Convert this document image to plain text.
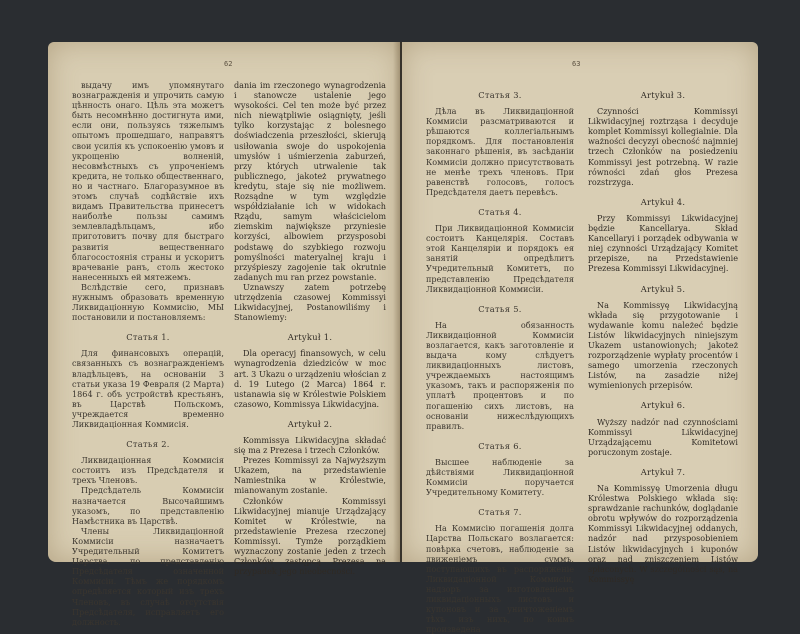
62

выдачу имъ упомянутаго вознагражденія и упрочить самую цѣнность онаго. Цѣль эта можетъ быть несомнѣнно достигнута ими, если они, пользуясь тяжелымъ опытомъ прошедшаго, направятъ свои усилія къ успокоенію умовъ и укрощенію волненій, несовмѣстныхъ съ упроченіемъ кредита, не только общественнаго, но и частнаго. Благоразумное въ этомъ случаѣ содѣйствіе ихъ видамъ Правительства принесетъ наиболѣе пользы самимъ землевладѣльцамъ, ибо приготовитъ почву для быстраго развитія вещественнаго благосостоянія страны и ускоритъ врачеваніе ранъ, столь жестоко нанесенныхъ ей мятежемъ.

Вслѣдствіе сего, признавъ нужнымъ образовать временную Ликвидаціонную Коммисію, МЫ постановили и постановляемъ:

Статья 1.

Для финансовыхъ операцій, связанныхъ съ вознагражденіемъ владѣльцевъ, на основаніи 3 статьи указа 19 Февраля (2 Марта) 1864 г. объ устройствѣ крестьянъ, въ Царствѣ Польскомъ, учреждается временно Ликвидаціонная Коммисія.

Статья 2.

Ликвидаціонная Коммисія состоитъ изъ Предсѣдателя и трехъ Членовъ.

Предсѣдатель Коммисіи назначается Высочайшимъ указомъ, по представленію Намѣстника въ Царствѣ.

Члены Ликвидаціонной Коммисіи назначаетъ Учредительный Комитетъ Царства, по представленію Предсѣдателя означенной Коммисіи. Тѣмъ же порядкомъ опредѣляется который изъ трехъ Членовъ, въ случаѣ отсутствія Предсѣдателя, исправляетъ его должность.

dania im rzeczonego wynagrodzenia i stanowcze ustalenie jego wysokości. Cel ten może być przez nich niewątpliwie osiągnięty, jeśli tylko korzystając z bolesnego doświadczenia przeszłości, skierują usiłowania swoje do uspokojenia umysłów i uśmierzenia zaburzeń, przy których utrwalenie tak publicznego, jakoteż prywatnego kredytu, staje się nie możliwem. Rozsądne w tym względzie współdziałanie ich w widokach Rządu, samym właścicielom ziemskim największe przyniesie korzyści, albowiem przysposobi podstawę do szybkiego rozwoju pomyślności materyalnej kraju i przyśpieszy zagojenie tak okrutnie zadanych mu ran przez powstanie.

Uznawszy zatem potrzebę utrzędzenia czasowej Kommissyi Likwidacyjnej, Postanowiliśmy i Stanowiemy:

Artykuł 1.

Dla operacyj finansowych, w celu wynagrodzenia dziedziców w moc art. 3 Ukazu o urządzeniu włościan z d. 19 Lutego (2 Marca) 1864 r. ustanawia się w Królestwie Polskiem czasowo, Kommissya Likwidacyjna.

Artykuł 2.

Kommissya Likwidacyjna składać się ma z Prezesa i trzech Członków.

Prezes Kommissyi za Najwyższym Ukazem, na przedstawienie Namiestnika w Królestwie, mianowanym zostanie.

Członków Kommissyi Likwidacyjnej mianuje Urządzający Komitet w Królestwie, na przedstawienie Prezesa rzeczonej Kommissyi. Tymże porządkiem wyznaczony zostanie jeden z trzech Członków zastępcą Prezesa na przypadek jego nieobecności.

63
Статья 3.

Дѣла въ Ликвидаціонной Коммисіи разсматриваются и рѣшаются коллегіальнымъ порядкомъ. Для постановленія законнаго рѣшенія, въ засѣданіи Коммисіи должно присутствовать не менѣе трехъ членовъ. При равенствѣ голосовъ, голосъ Предсѣдателя даетъ перевѣсъ.

Статья 4.

При Ликвидаціонной Коммисіи состоитъ Канцелярія. Составъ этой Канцеляріи и порядокъ ея занятій опредѣлитъ Учредительный Комитетъ, по представленію Предсѣдателя Ликвидаціонной Коммисіи.

Статья 5.

На обязанность Ликвидаціонной Коммисіи возлагается, какъ заготовленіе и выдача кому слѣдуетъ ликвидаціонныхъ листовъ, учреждаемыхъ настоящимъ указомъ, такъ и распоряженія по уплатѣ процентовъ и по погашенію сихъ листовъ, на основаніи нижеслѣдующихъ правилъ.

Статья 6.

Высшее наблюденіе за дѣйствіями Ликвидаціонной Коммисіи поручается Учредительному Комитету.

Статья 7.

На Коммисію погашенія долга Царства Польскаго возлагается: повѣрка счетовъ, наблюденіе за движеніемъ суммъ, поступающихъ въ распоряженіе Ликвидаціонной Коммисіи, надзоръ за изготовленіемъ ликвидаціонныхъ листовъ и купоновъ и за уничтоженіемъ тѣхъ изъ нихъ, по коимъ произведена

Artykuł 3.

Czynności Kommissyi Likwidacyjnej roztrząsa i decyduje komplet Kommissyi kollegialnie. Dla ważności decyzyi obecność najmniej trzech Członków na posiedzeniu Kommissyi jest potrzebną. W razie równości zdań głos Prezesa rozstrzyga.

Artykuł 4.

Przy Kommissyi Likwidacyjnej będzie Kancellarya. Skład Kancellaryi i porządek odbywania w niej czynności Urządzający Komitet przepisze, na Przedstawienie Prezesa Kommissyi Likwidacyjnej.

Artykuł 5.

Na Kommissyę Likwidacyjną wkłada się przygotowanie i wydawanie komu należeć będzie Listów likwidacyjnych niniejszym Ukazem ustanowionych; jakoteż rozporządzenie wypłaty procentów i samego umorzenia rzeczonych Listów, na zasadzie niżej wymienionych przepisów.

Artykuł 6.

Wyższy nadzór nad czynnościami Kommissyi Likwidacyjnej Urządzającemu Komitetowi poruczonym zostaje.

Artykuł 7.

Na Kommissyę Umorzenia długu Królestwa Polskiego wkłada się: sprawdzanie rachunków, doglądanie obrotu wpływów do rozporządzenia Kommissyi Likwidacyjnej oddanych, nadzór nad przysposobieniem Listów likwidacyjnych i kuponów oraz nad zniszczeniem Listów spłaconych. W szczególności sąs, na Kommissyę
